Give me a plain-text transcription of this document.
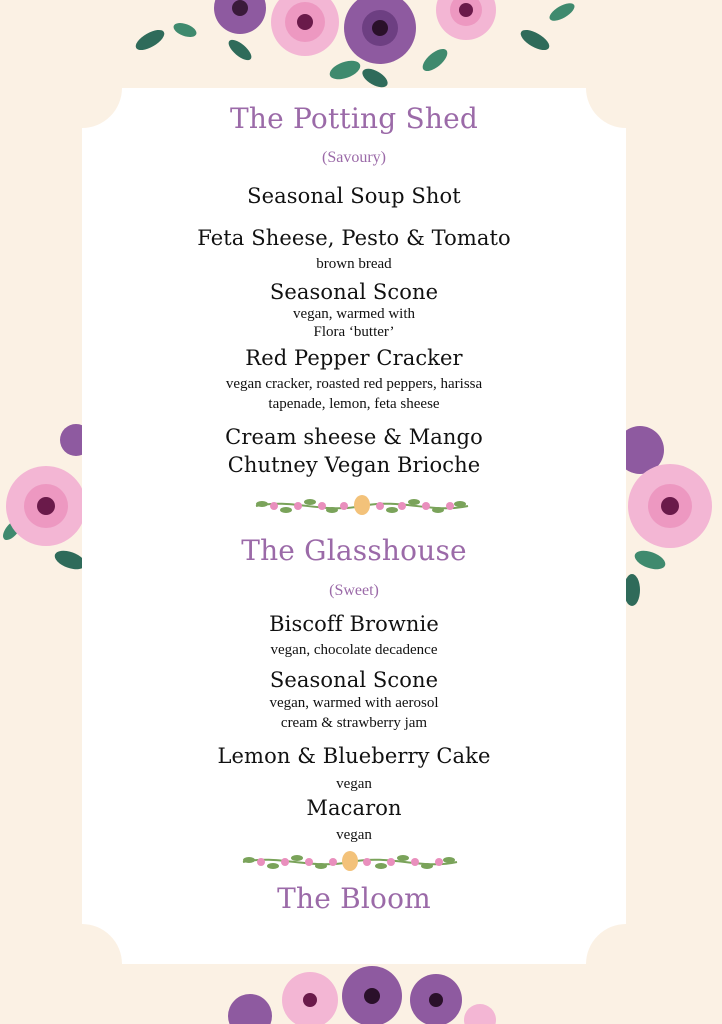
The Potting Shed
(Savoury)
Seasonal Soup Shot
Feta Sheese, Pesto & Tomato
brown bread
Seasonal Scone
vegan, warmed with
Flora ‘butter’
Red Pepper Cracker
vegan cracker, roasted red peppers, harissa
tapenade, lemon, feta sheese
Cream sheese & Mango
Chutney Vegan Brioche
The Glasshouse
(Sweet)
Biscoff Brownie
vegan, chocolate decadence
Seasonal Scone
vegan, warmed with aerosol
cream & strawberry jam
Lemon & Blueberry Cake
vegan
Macaron
vegan
The Bloom
